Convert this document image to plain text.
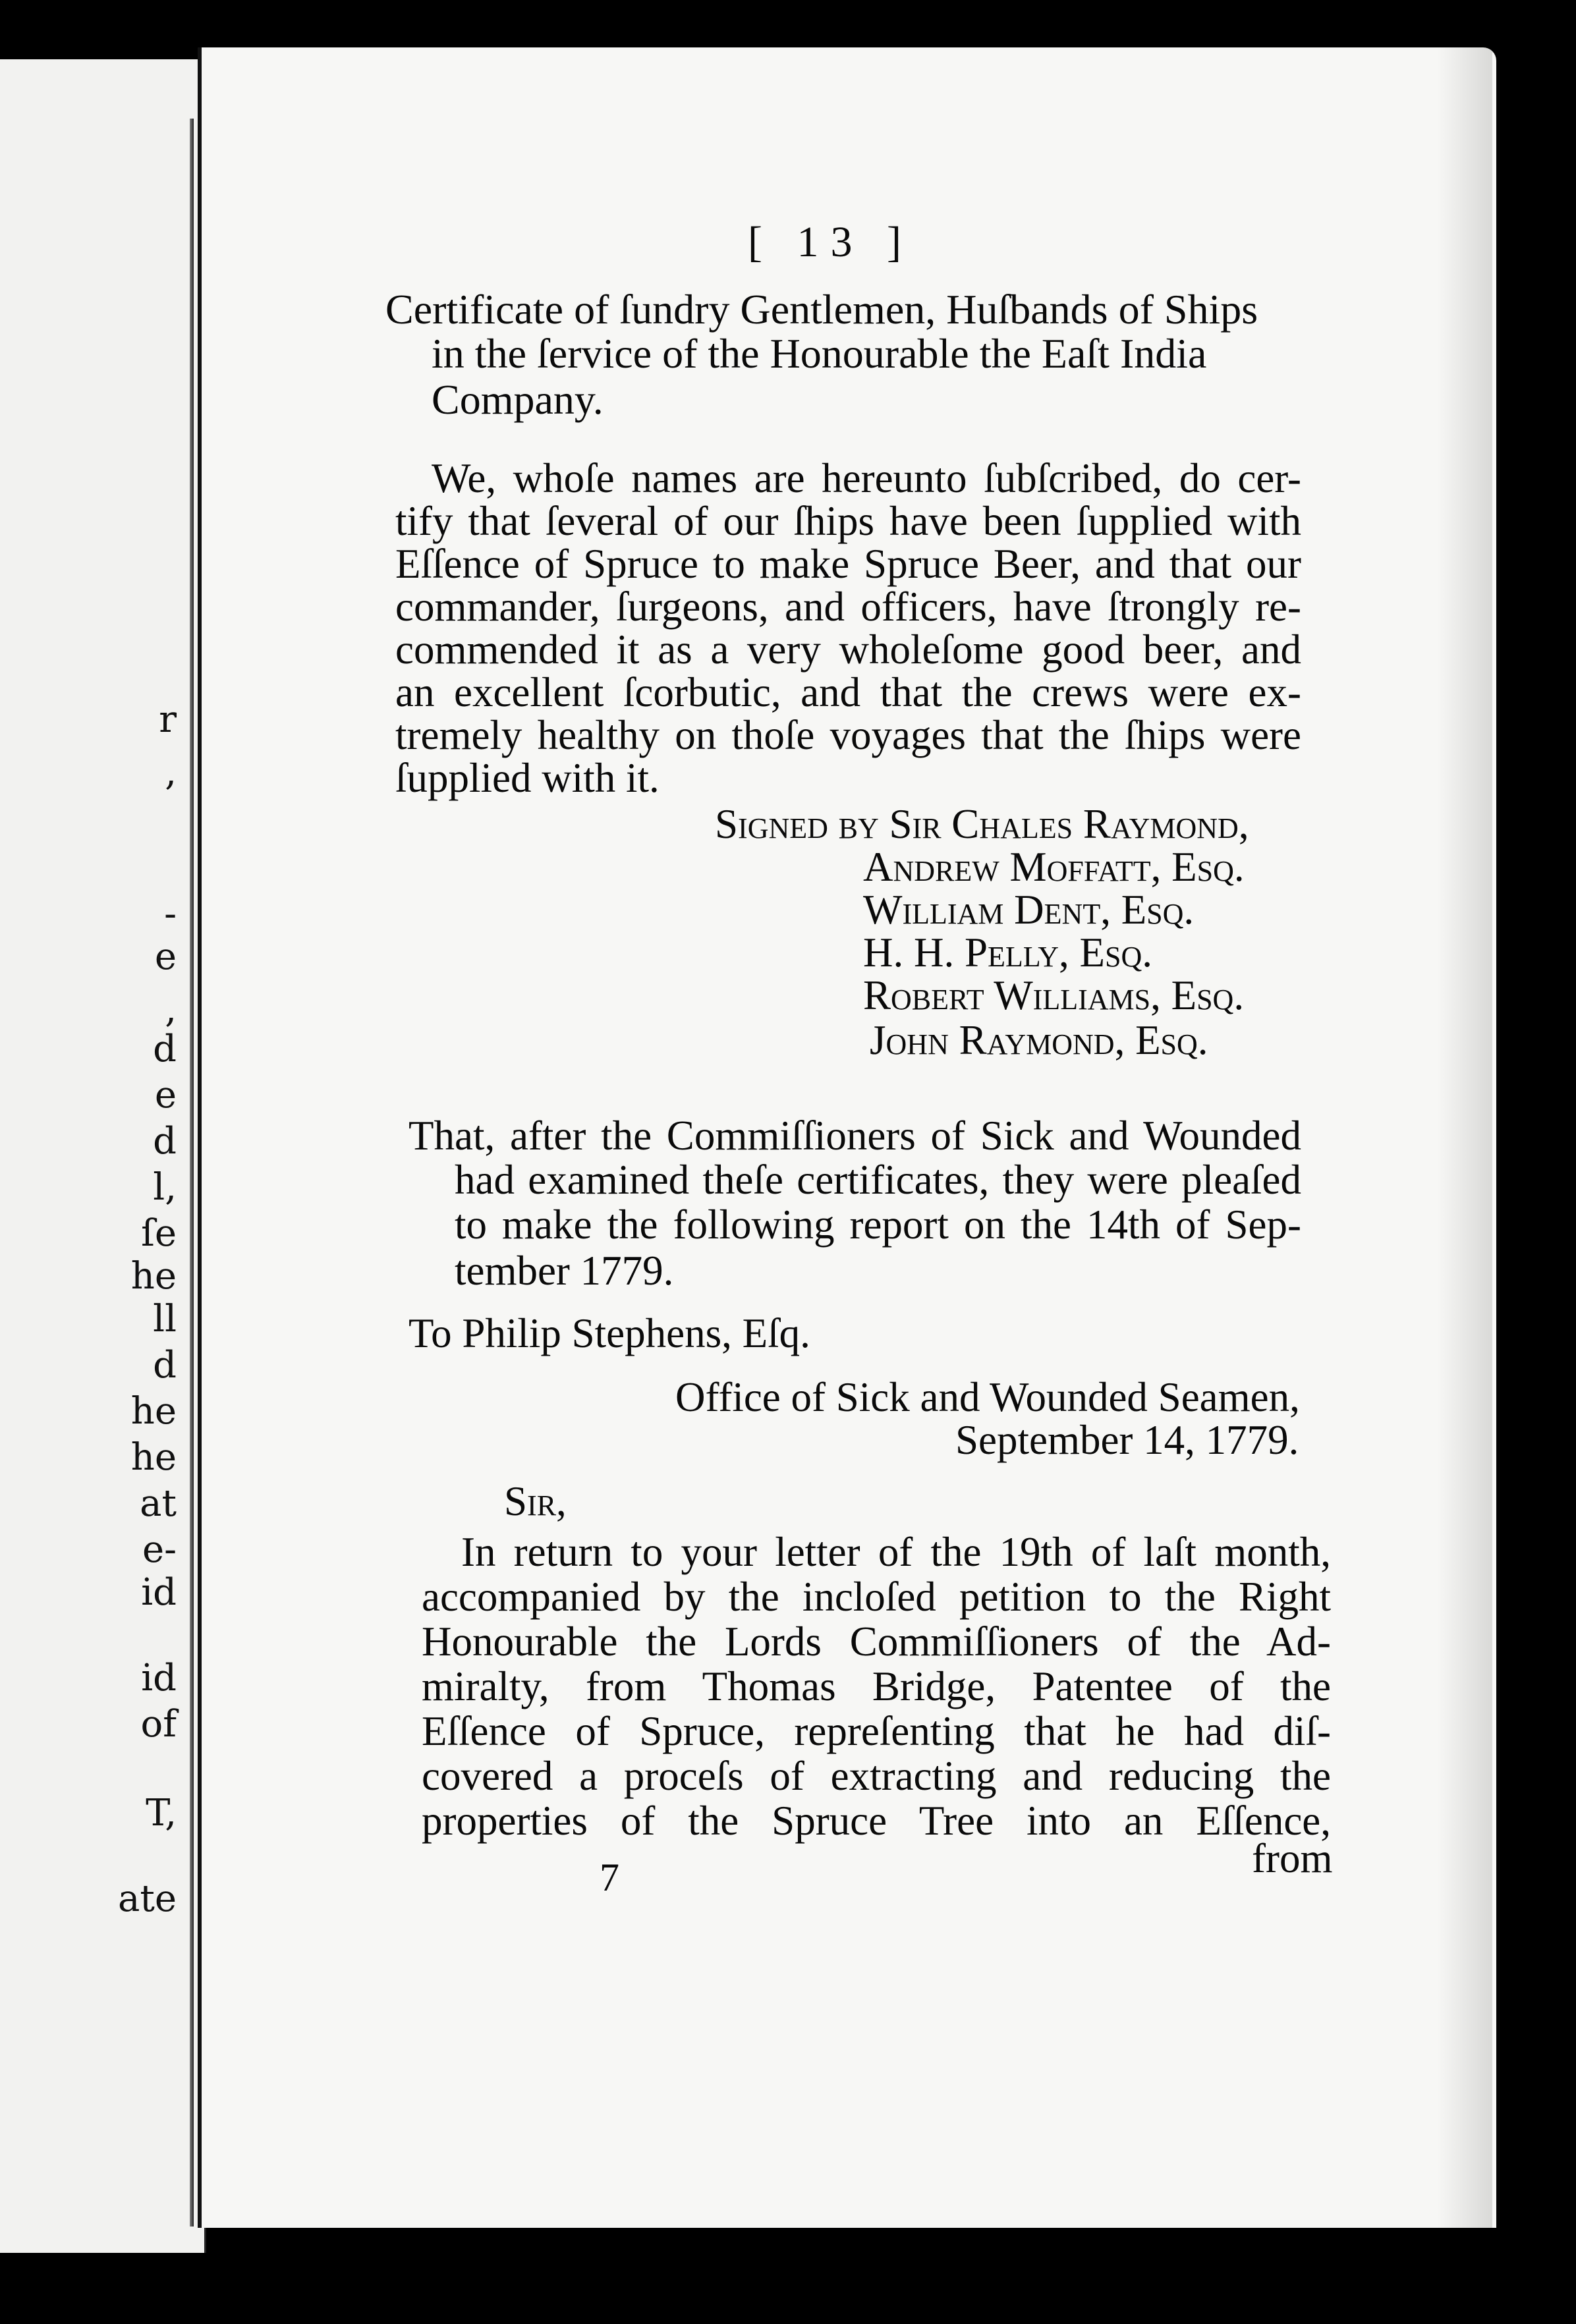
r
,
-
e
,
d
e
d
l,
ſe
he
ll
d
he
he
at
e-
id
id
of
T,
ate
[ 13 ]
Certificate of ſundry Gentlemen, Huſbands of Ships
in the ſervice of the Honourable the Eaſt India
Company.
We, whoſe names are hereunto ſubſcribed, do cer-
tify that ſeveral of our ſhips have been ſupplied with
Eſſence of Spruce to make Spruce Beer, and that our
commander, ſurgeons, and officers, have ſtrongly re-
commended it as a very wholeſome good beer, and
an excellent ſcorbutic, and that the crews were ex-
tremely healthy on thoſe voyages that the ſhips were
ſupplied with it.
Signed by Sir Chales Raymond,
Andrew Moffatt, Eſq.
William Dent, Eſq.
H. H. Pelly, Eſq.
Robert Williams, Eſq.
John Raymond, Eſq.
That, after the Commiſſioners of Sick and Wounded
had examined theſe certificates, they were pleaſed
to make the following report on the 14th of Sep-
tember 1779.
To Philip Stephens, Eſq.
Office of Sick and Wounded Seamen,
September 14, 1779.
Sir,
In return to your letter of the 19th of laſt month,
accompanied by the incloſed petition to the Right
Honourable the Lords Commiſſioners of the Ad-
miralty, from Thomas Bridge, Patentee of the
Eſſence of Spruce, repreſenting that he had diſ-
covered a proceſs of extracting and reducing the
properties of the Spruce Tree into an Eſſence,
7	from
